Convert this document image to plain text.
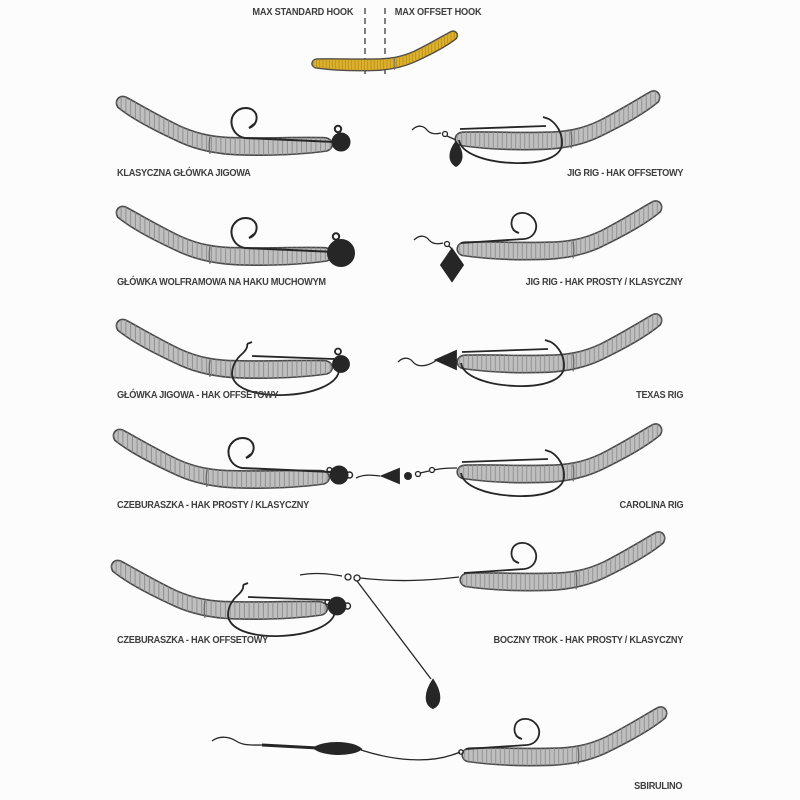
MAX STANDARD HOOK	MAX OFFSET HOOK
KLASYCZNA GŁÓWKA JIGOWA	JIG RIG - HAK OFFSETOWY
GŁÓWKA WOLFRAMOWA NA HAKU MUCHOWYM	JIG RIG - HAK PROSTY / KLASYCZNY
GŁÓWKA JIGOWA - HAK OFFSETOWY	TEXAS RIG
CZEBURASZKA - HAK PROSTY / KLASYCZNY	CAROLINA RIG
CZEBURASZKA - HAK OFFSETOWY	BOCZNY TROK - HAK PROSTY / KLASYCZNY
SBIRULINO
